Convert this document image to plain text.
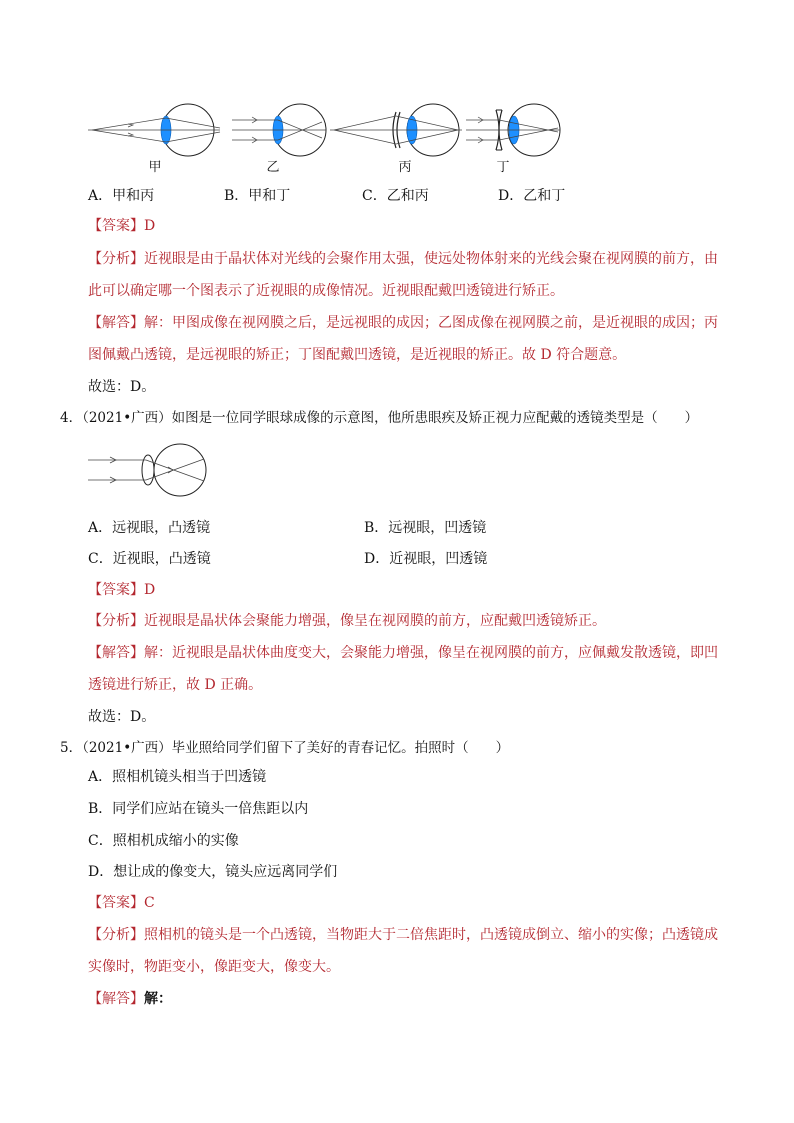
甲	乙	丙	丁
A．甲和丙	B．甲和丁	C．乙和丙	D．乙和丁
【答案】D
【分析】近视眼是由于晶状体对光线的会聚作用太强，使远处物体射来的光线会聚在视网膜的前方，由
此可以确定哪一个图表示了近视眼的成像情况。近视眼配戴凹透镜进行矫正。
【解答】解：甲图成像在视网膜之后，是远视眼的成因；乙图成像在视网膜之前，是近视眼的成因；丙
图佩戴凸透镜，是远视眼的矫正；丁图配戴凹透镜，是近视眼的矫正。故 D 符合题意。
故选：D。
4．（2021•广西）如图是一位同学眼球成像的示意图，他所患眼疾及矫正视力应配戴的透镜类型是（　　）
A．远视眼，凸透镜	B．远视眼，凹透镜
C．近视眼，凸透镜	D．近视眼，凹透镜
【答案】D
【分析】近视眼是晶状体会聚能力增强，像呈在视网膜的前方，应配戴凹透镜矫正。
【解答】解：近视眼是晶状体曲度变大，会聚能力增强，像呈在视网膜的前方，应佩戴发散透镜，即凹
透镜进行矫正，故 D 正确。
故选：D。
5．（2021•广西）毕业照给同学们留下了美好的青春记忆。拍照时（　　）
A．照相机镜头相当于凹透镜
B．同学们应站在镜头一倍焦距以内
C．照相机成缩小的实像
D．想让成的像变大，镜头应远离同学们
【答案】C
【分析】照相机的镜头是一个凸透镜，当物距大于二倍焦距时，凸透镜成倒立、缩小的实像；凸透镜成
实像时，物距变小，像距变大，像变大。
【解答】解：
